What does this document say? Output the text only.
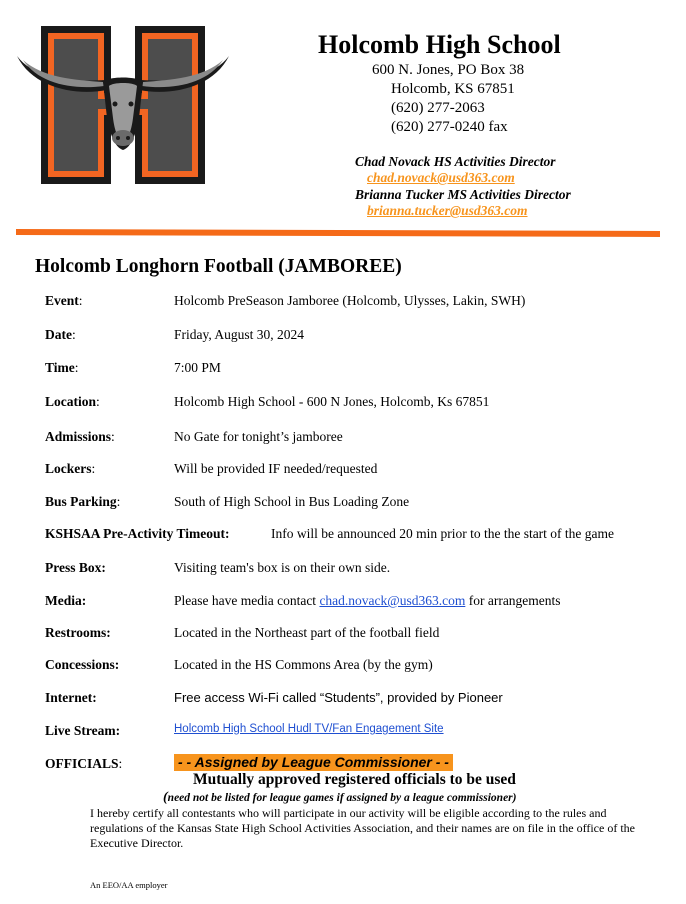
Holcomb High School
600 N. Jones, PO Box 38
Holcomb, KS 67851
(620) 277-2063
(620) 277-0240 fax
Chad Novack HS Activities Director
chad.novack@usd363.com
Brianna Tucker MS Activities Director
brianna.tucker@usd363.com
Holcomb Longhorn Football (JAMBOREE)
Event:	Holcomb PreSeason Jamboree (Holcomb, Ulysses, Lakin, SWH)
Date:	Friday, August 30, 2024
Time:	7:00 PM
Location:	Holcomb High School - 600 N Jones, Holcomb, Ks 67851
Admissions:	No Gate for tonight’s jamboree
Lockers:	Will be provided IF needed/requested
Bus Parking:	South of High School in Bus Loading Zone
KSHSAA Pre-Activity Timeout:	Info will be announced 20 min prior to the the start of the game
Press Box:	Visiting team's box is on their own side.
Media:	Please have media contact chad.novack@usd363.com for arrangements
Restrooms:	Located in the Northeast part of the football field
Concessions:	Located in the HS Commons Area (by the gym)
Internet:	Free access Wi-Fi called “Students”, provided by Pioneer
Live Stream:	Holcomb High School Hudl TV/Fan Engagement Site
OFFICIALS:	- - Assigned by League Commissioner - -
Mutually approved registered officials to be used
(need not be listed for league games if assigned by a league commissioner)
I hereby certify all contestants who will participate in our activity will be eligible according to the rules and regulations of the Kansas State High School Activities Association, and their names are on file in the office of the Executive Director.
An EEO/AA employer
